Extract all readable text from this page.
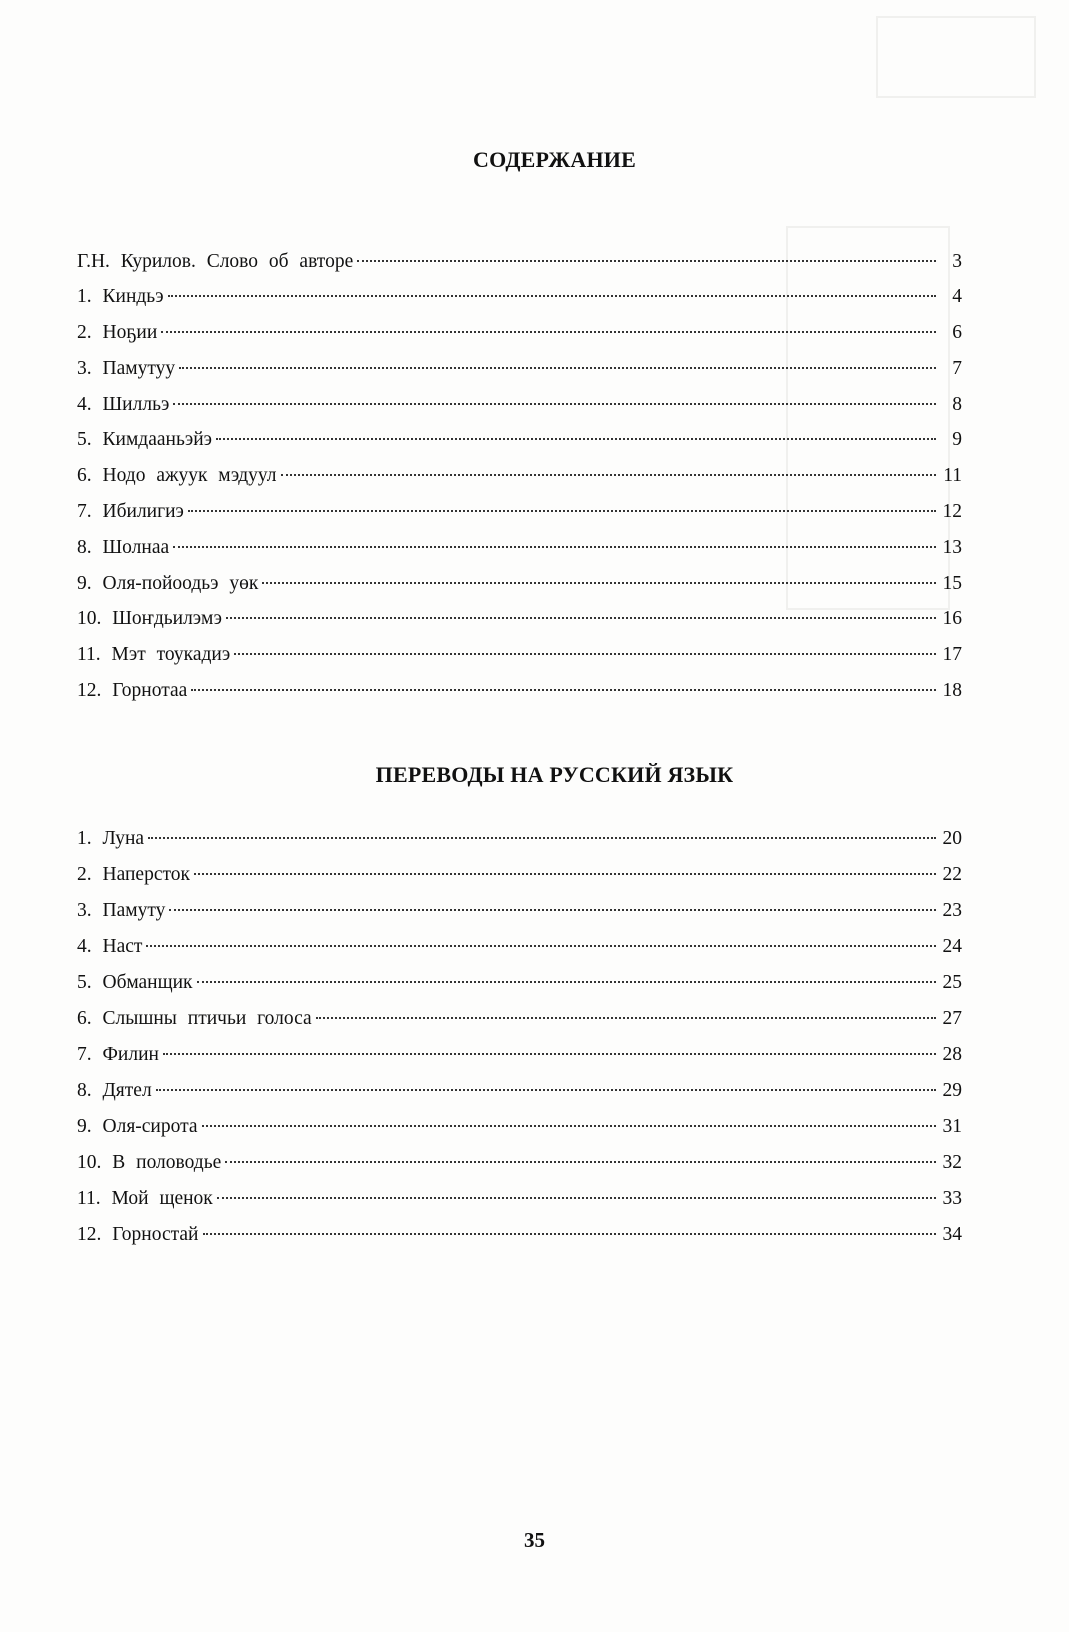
СОДЕРЖАНИЕ
Г.Н. Курилов. Слово об авторе	3
1. Киндьэ	4
2. Ноҕии	6
3. Памутуу	7
4. Шилльэ	8
5. Кимдааньэйэ	9
6. Нодо ажуук мэдуул	11
7. Ибилигиэ	12
8. Шолнаа	13
9. Оля-пойоодьэ уөк	15
10. Шоҥдьилэмэ	16
11. Мэт тоукадиэ	17
12. Горнотаа	18
ПЕРЕВОДЫ НА РУССКИЙ ЯЗЫК
1. Луна	20
2. Наперсток	22
3. Памуту	23
4. Наст	24
5. Обманщик	25
6. Слышны птичьи голоса	27
7. Филин	28
8. Дятел	29
9. Оля-сирота	31
10. В половодье	32
11. Мой щенок	33
12. Горностай	34
35
